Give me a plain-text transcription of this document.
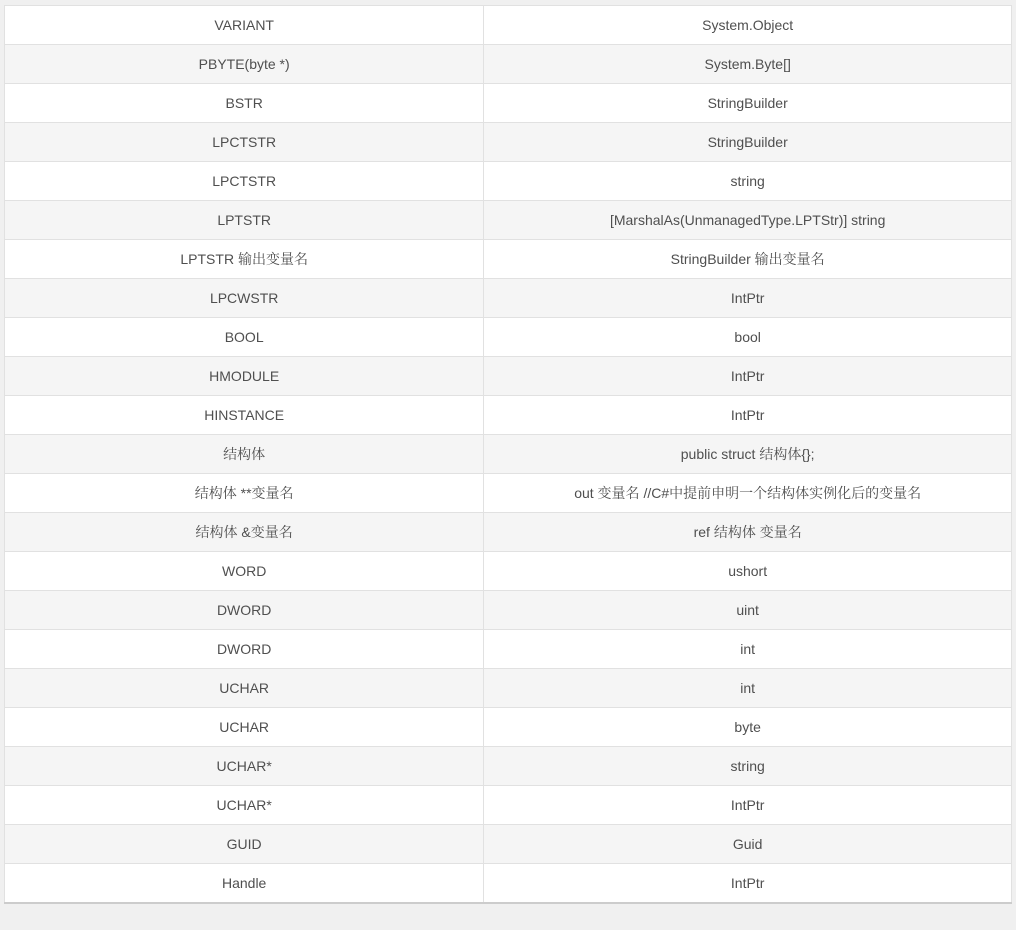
VARIANT	System.Object
PBYTE(byte *)	System.Byte[]
BSTR	StringBuilder
LPCTSTR	StringBuilder
LPCTSTR	string
LPTSTR	[MarshalAs(UnmanagedType.LPTStr)] string
LPTSTR 输出变量名	StringBuilder 输出变量名
LPCWSTR	IntPtr
BOOL	bool
HMODULE	IntPtr
HINSTANCE	IntPtr
结构体	public struct 结构体{};
结构体 **变量名	out 变量名 //C#中提前申明一个结构体实例化后的变量名
结构体 &变量名	ref 结构体 变量名
WORD	ushort
DWORD	uint
DWORD	int
UCHAR	int
UCHAR	byte
UCHAR*	string
UCHAR*	IntPtr
GUID	Guid
Handle	IntPtr
